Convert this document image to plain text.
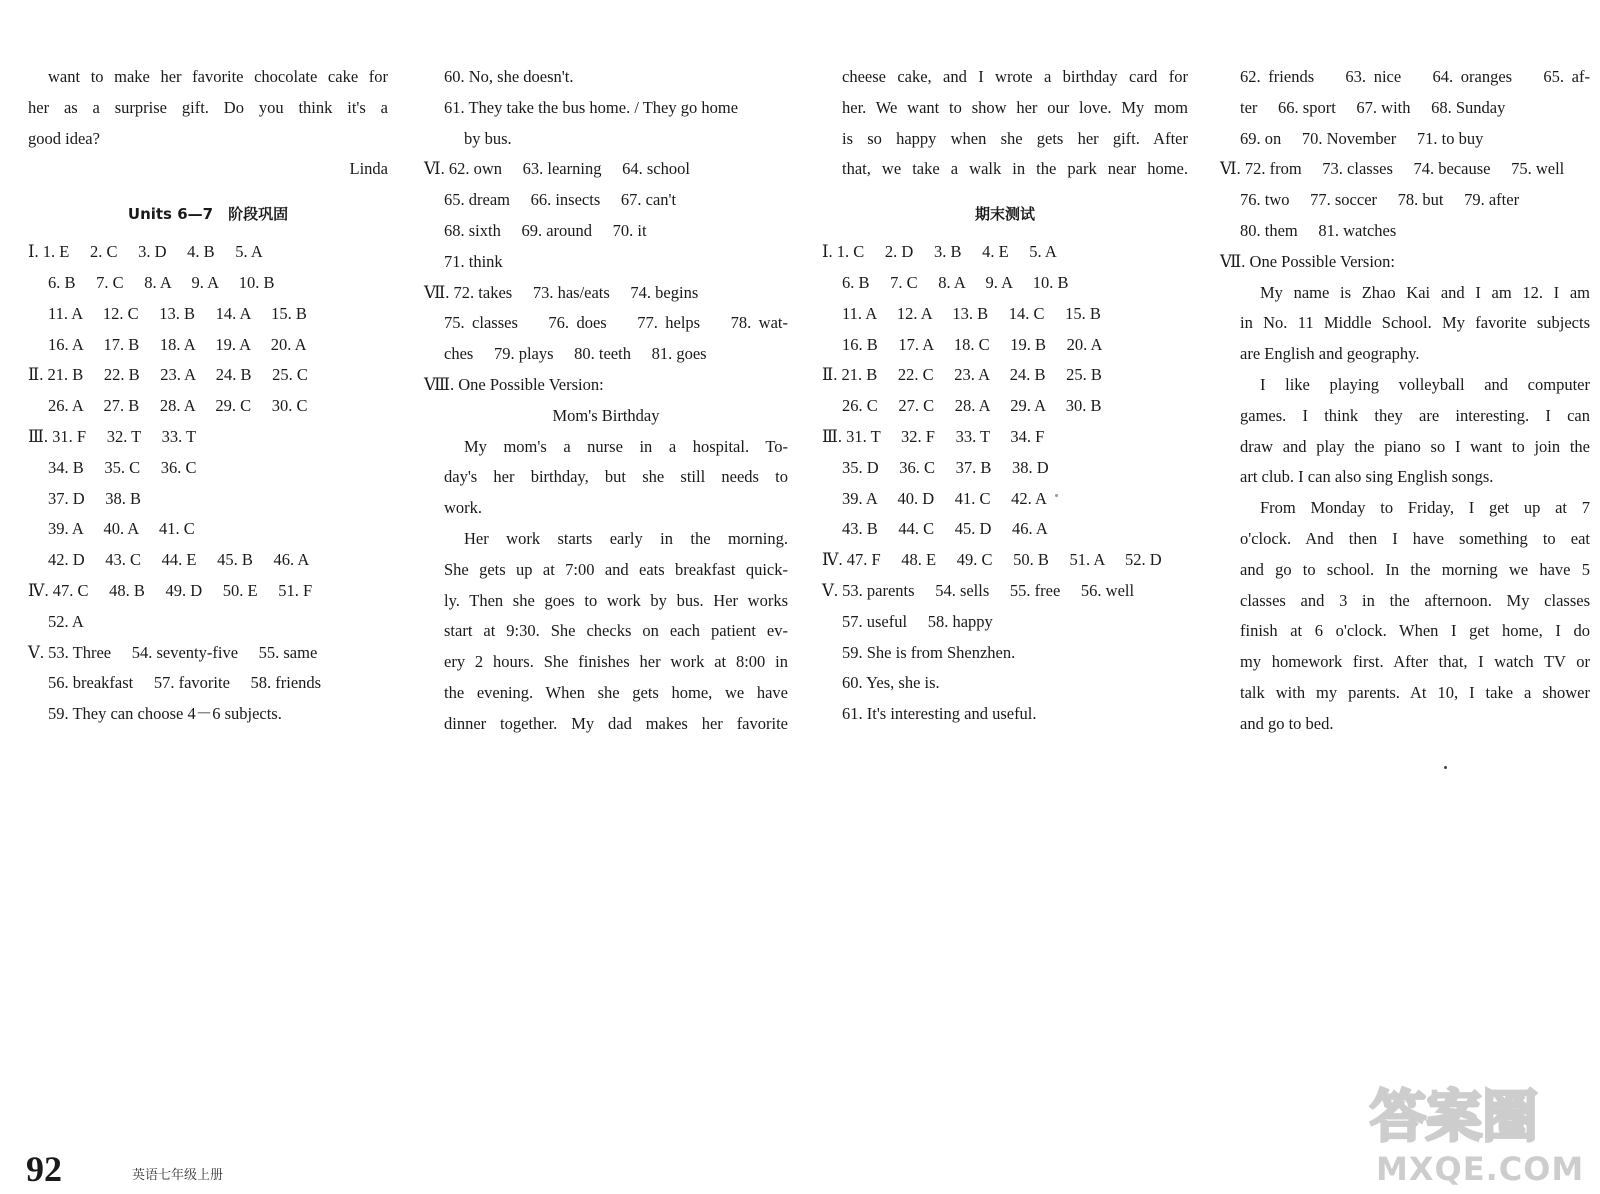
want to make her favorite chocolate cake for
her as a surprise gift. Do you think it's a
good idea?
Linda
Units 6—7　阶段巩固
Ⅰ. 1. E　 2. C　 3. D　 4. B　 5. A
6. B　 7. C　 8. A　 9. A　 10. B
11. A　 12. C　 13. B　 14. A　 15. B
16. A　 17. B　 18. A　 19. A　 20. A
Ⅱ. 21. B　 22. B　 23. A　 24. B　 25. C
26. A　 27. B　 28. A　 29. C　 30. C
Ⅲ. 31. F　 32. T　 33. T
34. B　 35. C　 36. C
37. D　 38. B
39. A　 40. A　 41. C
42. D　 43. C　 44. E　 45. B　 46. A
Ⅳ. 47. C　 48. B　 49. D　 50. E　 51. F
52. A
Ⅴ. 53. Three　 54. seventy-five　 55. same
56. breakfast　 57. favorite　 58. friends
59. They can choose 4－6 subjects.
60. No, she doesn't.
61. They take the bus home. / They go home
by bus.
Ⅵ. 62. own　 63. learning　 64. school
65. dream　 66. insects　 67. can't
68. sixth　 69. around　 70. it
71. think
Ⅶ. 72. takes　 73. has/eats　 74. begins
75. classes　 76. does　 77. helps　 78. wat-
ches　 79. plays　 80. teeth　 81. goes
Ⅷ. One Possible Version:
Mom's Birthday
My mom's a nurse in a hospital. To-
day's her birthday, but she still needs to
work.
Her work starts early in the morning.
She gets up at 7:00 and eats breakfast quick-
ly. Then she goes to work by bus. Her works
start at 9:30. She checks on each patient ev-
ery 2 hours. She finishes her work at 8:00 in
the evening. When she gets home, we have
dinner together. My dad makes her favorite
cheese cake, and I wrote a birthday card for
her. We want to show her our love. My mom
is so happy when she gets her gift. After
that, we take a walk in the park near home.
期末测试
Ⅰ. 1. C　 2. D　 3. B　 4. E　 5. A
6. B　 7. C　 8. A　 9. A　 10. B
11. A　 12. A　 13. B　 14. C　 15. B
16. B　 17. A　 18. C　 19. B　 20. A
Ⅱ. 21. B　 22. C　 23. A　 24. B　 25. B
26. C　 27. C　 28. A　 29. A　 30. B
Ⅲ. 31. T　 32. F　 33. T　 34. F
35. D　 36. C　 37. B　 38. D
39. A　 40. D　 41. C　 42. A
43. B　 44. C　 45. D　 46. A
Ⅳ. 47. F　 48. E　 49. C　 50. B　 51. A　 52. D
Ⅴ. 53. parents　 54. sells　 55. free　 56. well
57. useful　 58. happy
59. She is from Shenzhen.
60. Yes, she is.
61. It's interesting and useful.
62. friends　 63. nice　 64. oranges　 65. af-
ter　 66. sport　 67. with　 68. Sunday
69. on　 70. November　 71. to buy
Ⅵ. 72. from　 73. classes　 74. because　 75. well
76. two　 77. soccer　 78. but　 79. after
80. them　 81. watches
Ⅶ. One Possible Version:
My name is Zhao Kai and I am 12. I am
in No. 11 Middle School. My favorite subjects
are English and geography.
I like playing volleyball and computer
games. I think they are interesting. I can
draw and play the piano so I want to join the
art club. I can also sing English songs.
From Monday to Friday, I get up at 7
o'clock. And then I have something to eat
and go to school. In the morning we have 5
classes and 3 in the afternoon. My classes
finish at 6 o'clock. When I get home, I do
my homework first. After that, I watch TV or
talk with my parents. At 10, I take a shower
and go to bed.
92	英语七年级上册
答案圈
MXQE.COM
